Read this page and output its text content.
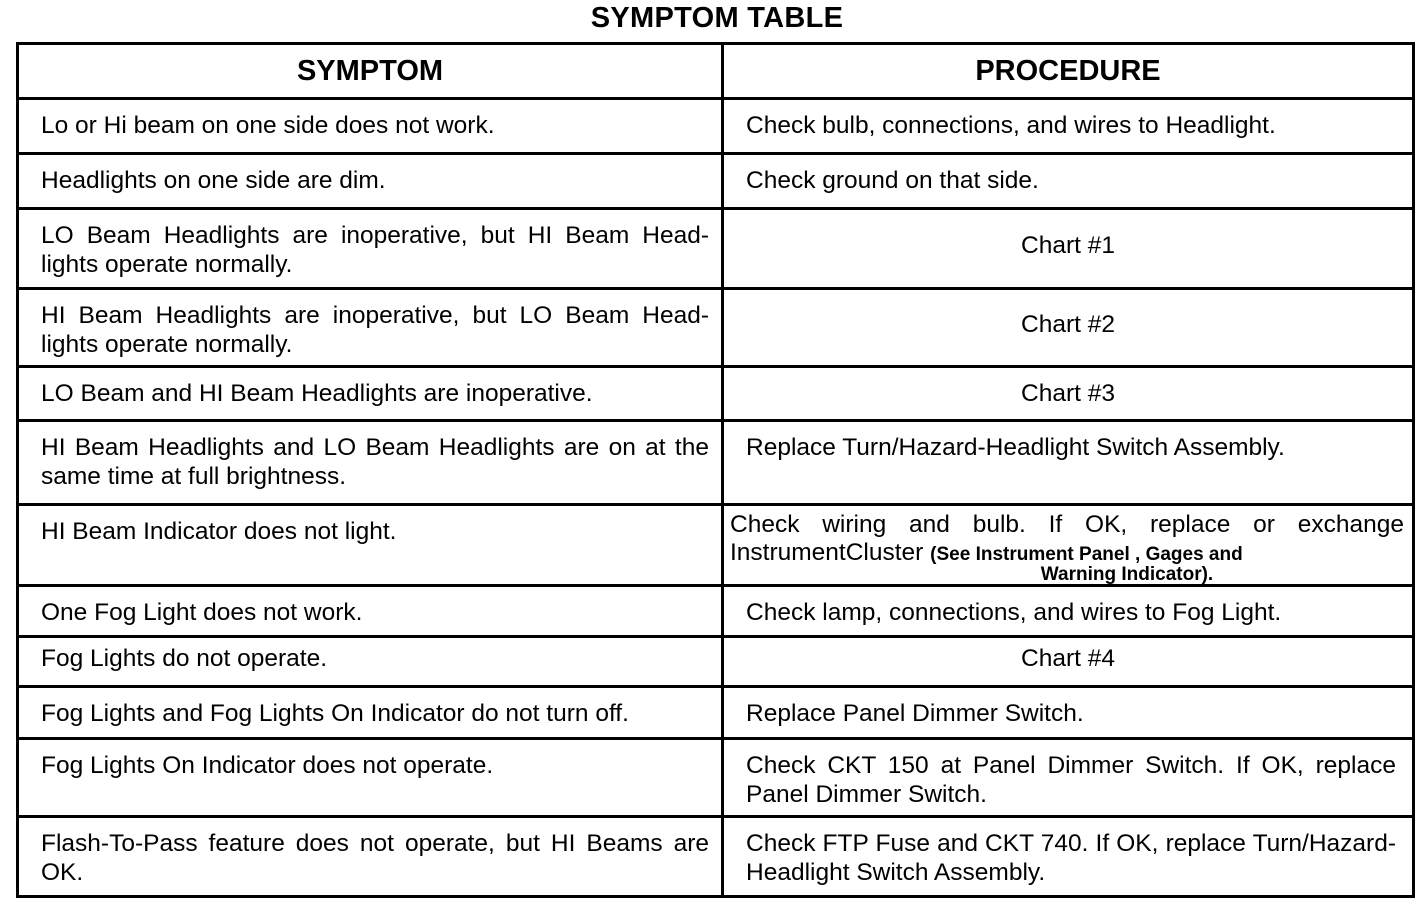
SYMPTOM TABLE
SYMPTOM	PROCEDURE

Lo or Hi beam on one side does not work.	Check bulb, connections, and wires to Headlight.

Headlights on one side are dim.	Check ground on that side.

LO Beam Headlights are inoperative, but HI Beam Head-lights operate normally.	Chart #1

HI Beam Headlights are inoperative, but LO Beam Head-lights operate normally.	Chart #2

LO Beam and HI Beam Headlights are inoperative.	Chart #3

HI Beam Headlights and LO Beam Headlights are on at the same time at full brightness.	Replace Turn/Hazard-Headlight Switch Assembly.

HI Beam Indicator does not light.	Check wiring and bulb. If OK, replace or exchange
InstrumentCluster (See Instrument Panel , Gages and
Warning Indicator).

One Fog Light does not work.	Check lamp, connections, and wires to Fog Light.

Fog Lights do not operate.	Chart #4

Fog Lights and Fog Lights On Indicator do not turn off.	Replace Panel Dimmer Switch.

Fog Lights On Indicator does not operate.	Check CKT 150 at Panel Dimmer Switch. If OK, replace Panel Dimmer Switch.

Flash-To-Pass feature does not operate, but HI Beams are OK.	Check FTP Fuse and CKT 740. If OK, replace Turn/Hazard-Headlight Switch Assembly.
